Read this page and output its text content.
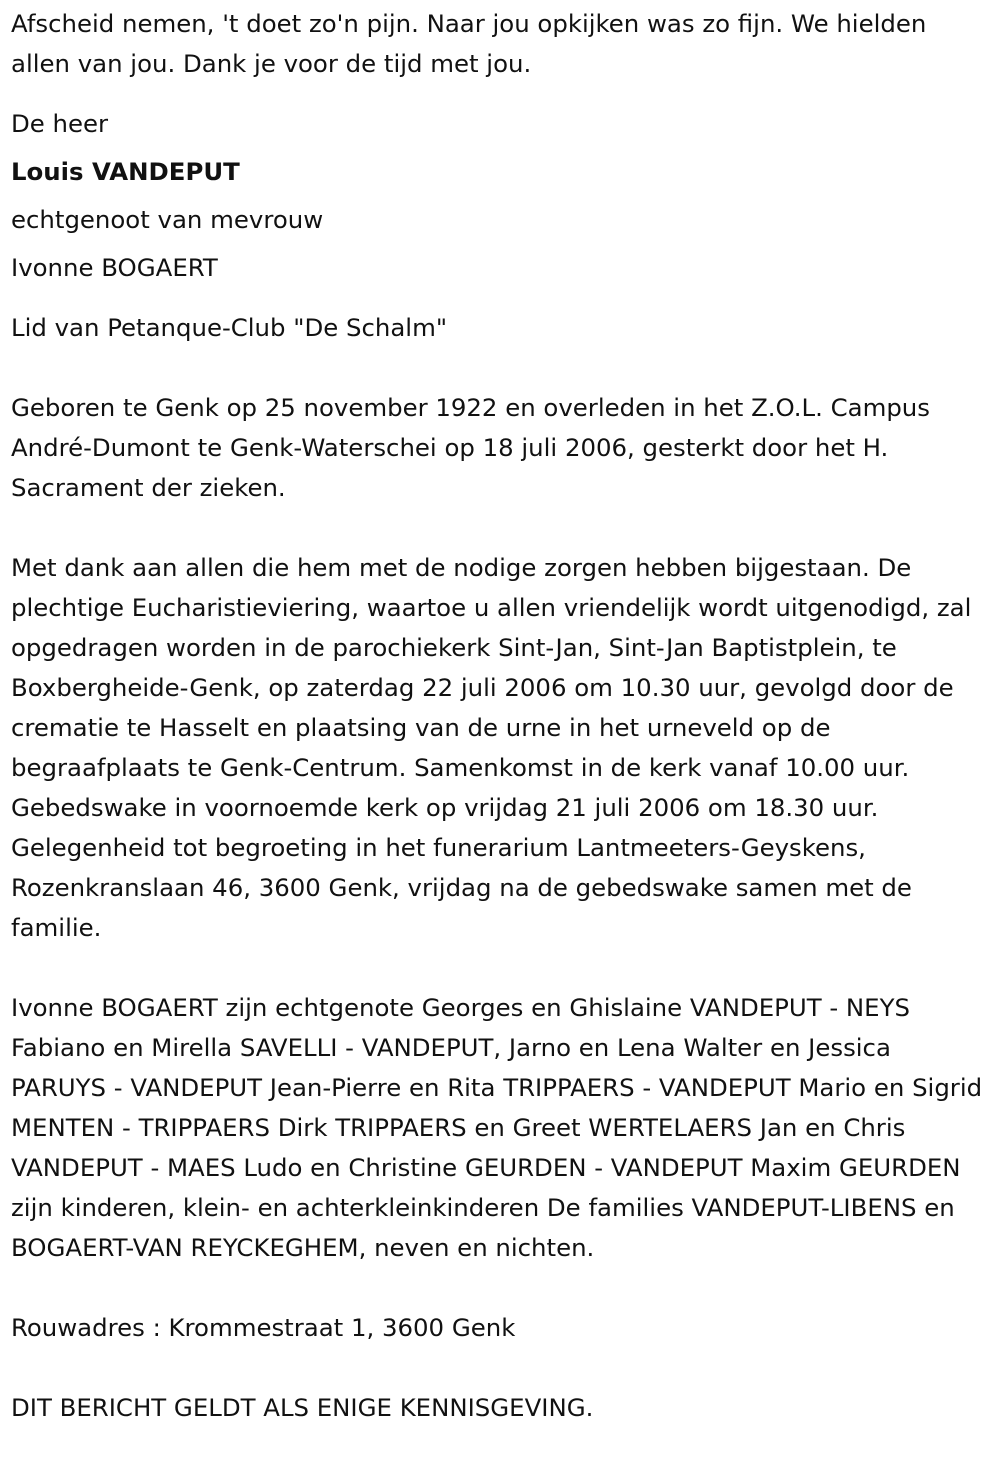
Afscheid nemen, 't doet zo'n pijn. Naar jou opkijken was zo fijn. We hielden allen van jou. Dank je voor de tijd met jou.

De heer

Louis VANDEPUT

echtgenoot van mevrouw

Ivonne BOGAERT

Lid van Petanque-Club "De Schalm"

Geboren te Genk op 25 november 1922 en overleden in het Z.O.L. Campus André-Dumont te Genk-Waterschei op 18 juli 2006, gesterkt door het H. Sacrament der zieken.

Met dank aan allen die hem met de nodige zorgen hebben bijgestaan. De plechtige Eucharistieviering, waartoe u allen vriendelijk wordt uitgenodigd, zal opgedragen worden in de parochiekerk Sint-Jan, Sint-Jan Baptistplein, te Boxbergheide-Genk, op zaterdag 22 juli 2006 om 10.30 uur, gevolgd door de crematie te Hasselt en plaatsing van de urne in het urneveld op de begraafplaats te Genk-Centrum. Samenkomst in de kerk vanaf 10.00 uur. Gebedswake in voornoemde kerk op vrijdag 21 juli 2006 om 18.30 uur. Gelegenheid tot begroeting in het funerarium Lantmeeters-Geyskens, Rozenkranslaan 46, 3600 Genk, vrijdag na de gebedswake samen met de familie.

Ivonne BOGAERT zijn echtgenote Georges en Ghislaine VANDEPUT - NEYS Fabiano en Mirella SAVELLI - VANDEPUT, Jarno en Lena Walter en Jessica PARUYS - VANDEPUT Jean-Pierre en Rita TRIPPAERS - VANDEPUT Mario en Sigrid MENTEN - TRIPPAERS Dirk TRIPPAERS en Greet WERTELAERS Jan en Chris VANDEPUT - MAES Ludo en Christine GEURDEN - VANDEPUT Maxim GEURDEN zijn kinderen, klein- en achterkleinkinderen De families VANDEPUT-LIBENS en BOGAERT-VAN REYCKEGHEM, neven en nichten.

Rouwadres : Krommestraat 1, 3600 Genk

DIT BERICHT GELDT ALS ENIGE KENNISGEVING.
